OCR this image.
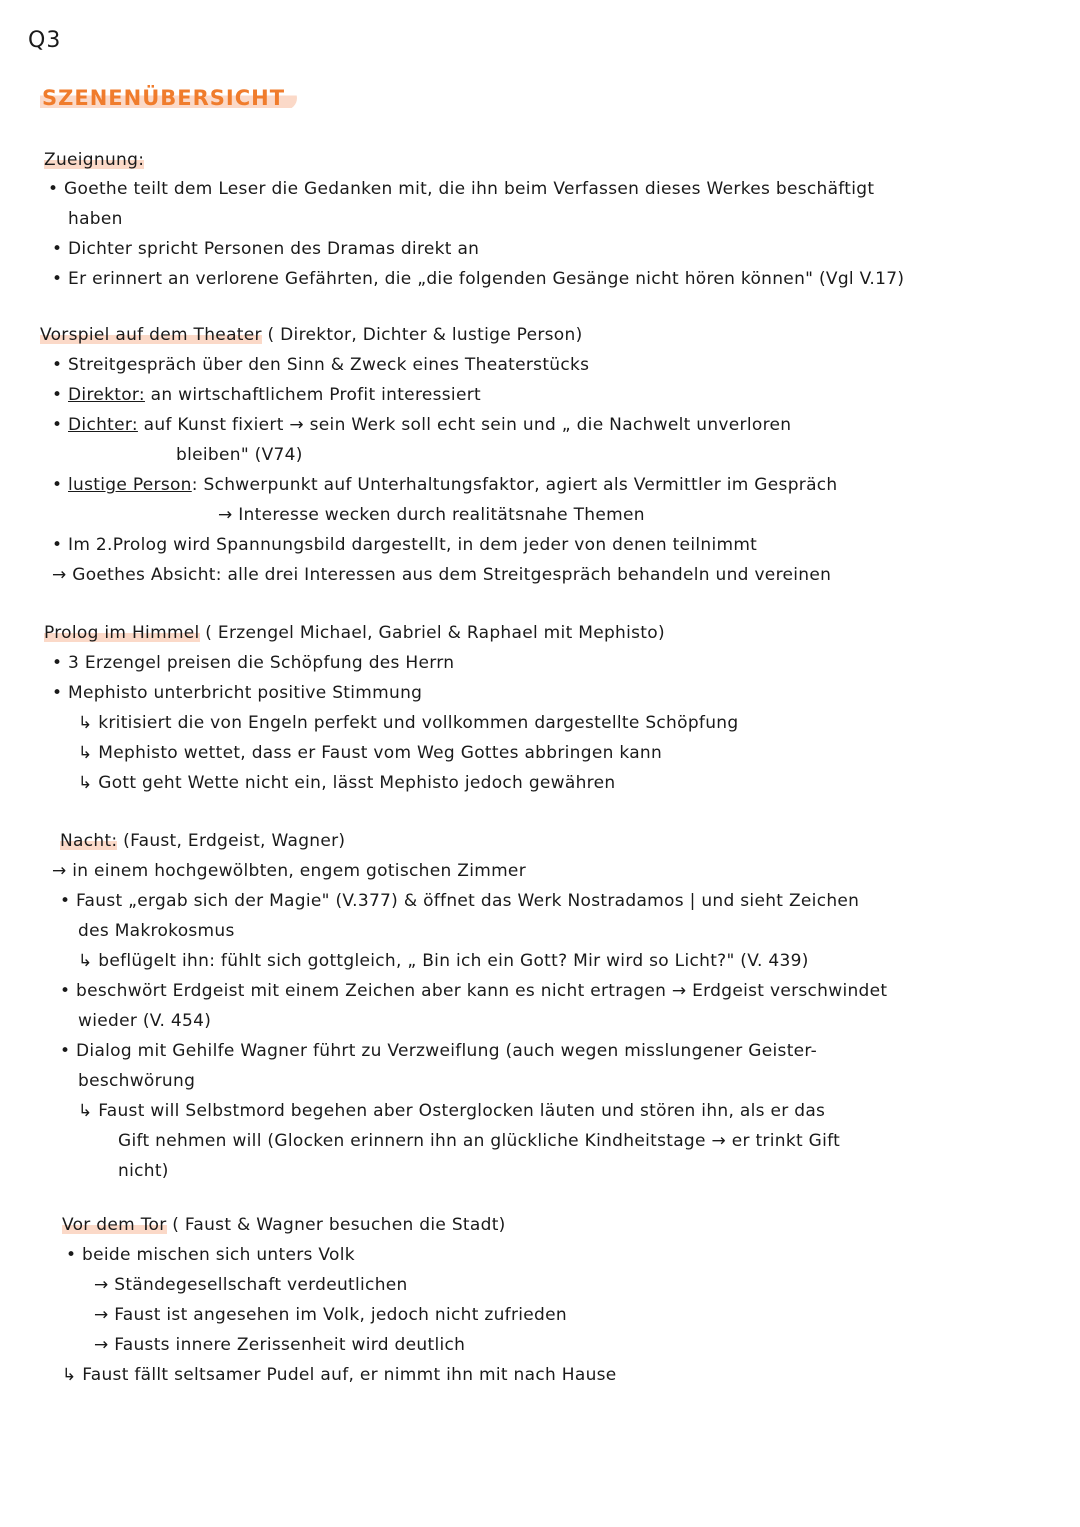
Q3
SZENENÜBERSICHT
Zueignung:
• Goethe teilt dem Leser die Gedanken mit, die ihn beim Verfassen dieses Werkes beschäftigt
haben
• Dichter spricht Personen des Dramas direkt an
• Er erinnert an verlorene Gefährten, die „die folgenden Gesänge nicht hören können" (Vgl V.17)
Vorspiel auf dem Theater ( Direktor, Dichter & lustige Person)
• Streitgespräch über den Sinn & Zweck eines Theaterstücks
• Direktor: an wirtschaftlichem Profit interessiert
• Dichter: auf Kunst fixiert → sein Werk soll echt sein und „ die Nachwelt unverloren
bleiben" (V74)
• lustige Person: Schwerpunkt auf Unterhaltungsfaktor, agiert als Vermittler im Gespräch
→ Interesse wecken durch realitätsnahe Themen
• Im 2.Prolog wird Spannungsbild dargestellt, in dem jeder von denen teilnimmt
→ Goethes Absicht: alle drei Interessen aus dem Streitgespräch behandeln und vereinen
Prolog im Himmel ( Erzengel Michael, Gabriel & Raphael mit Mephisto)
• 3 Erzengel preisen die Schöpfung des Herrn
• Mephisto unterbricht positive Stimmung
↳ kritisiert die von Engeln perfekt und vollkommen dargestellte Schöpfung
↳ Mephisto wettet, dass er Faust vom Weg Gottes abbringen kann
↳ Gott geht Wette nicht ein, lässt Mephisto jedoch gewähren
Nacht: (Faust, Erdgeist, Wagner)
→ in einem hochgewölbten, engem gotischen Zimmer
• Faust „ergab sich der Magie" (V.377) & öffnet das Werk Nostradamos | und sieht Zeichen
des Makrokosmus
↳ beflügelt ihn: fühlt sich gottgleich, „ Bin ich ein Gott? Mir wird so Licht?" (V. 439)
• beschwört Erdgeist mit einem Zeichen aber kann es nicht ertragen → Erdgeist verschwindet
wieder (V. 454)
• Dialog mit Gehilfe Wagner führt zu Verzweiflung (auch wegen misslungener Geister-
beschwörung
↳ Faust will Selbstmord begehen aber Osterglocken läuten und stören ihn, als er das
Gift nehmen will (Glocken erinnern ihn an glückliche Kindheitstage → er trinkt Gift
nicht)
Vor dem Tor ( Faust & Wagner besuchen die Stadt)
• beide mischen sich unters Volk
→ Ständegesellschaft verdeutlichen
→ Faust ist angesehen im Volk, jedoch nicht zufrieden
→ Fausts innere Zerissenheit wird deutlich
↳ Faust fällt seltsamer Pudel auf, er nimmt ihn mit nach Hause
